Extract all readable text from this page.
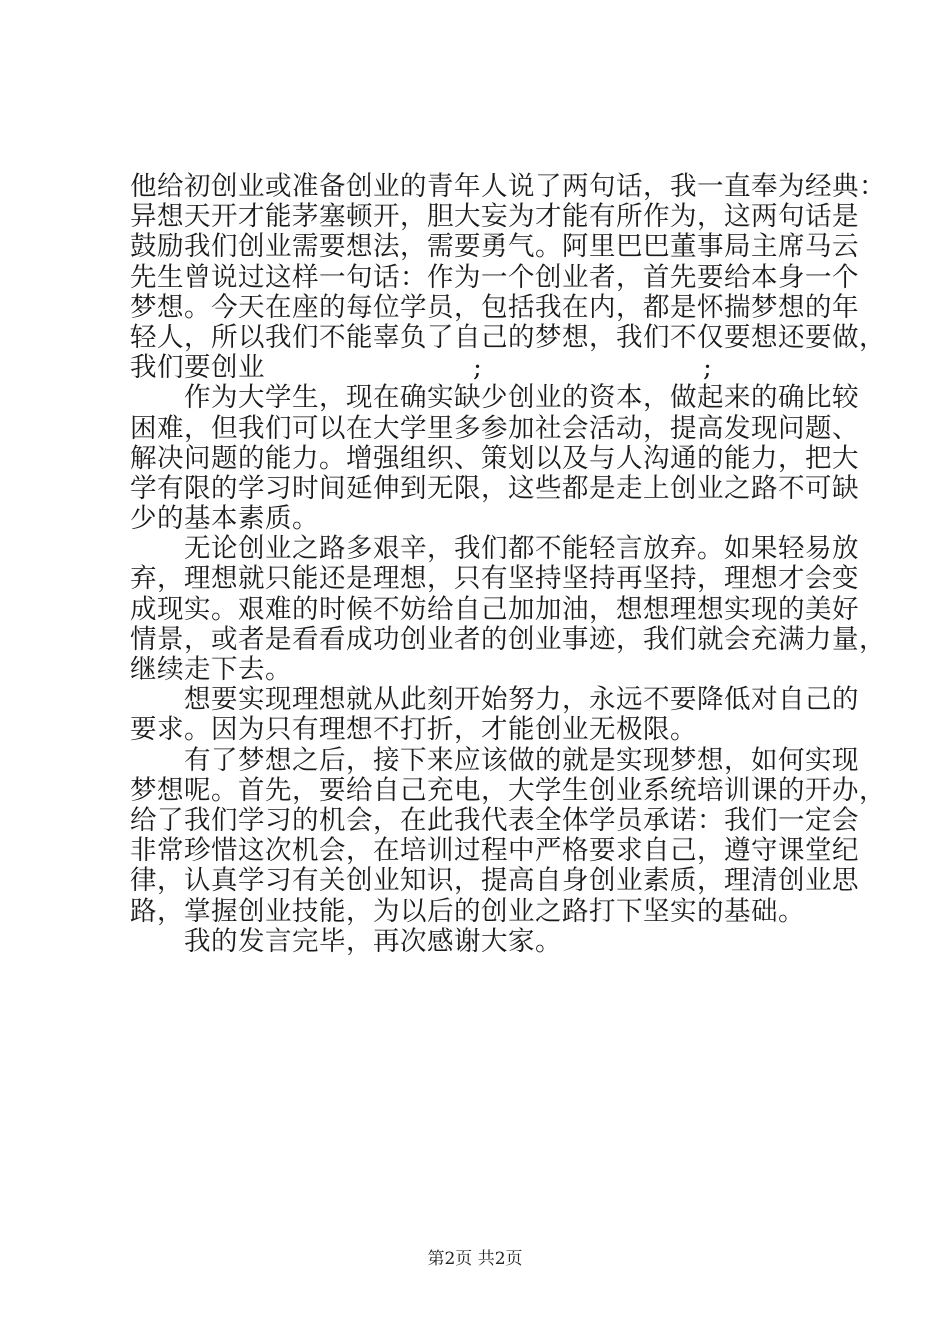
他给初创业或准备创业的青年人说了两句话，我一直奉为经典：
异想天开才能茅塞顿开，胆大妄为才能有所作为，这两句话是
鼓励我们创业需要想法，需要勇气。阿里巴巴董事局主席马云
先生曾说过这样一句话：作为一个创业者，首先要给本身一个
梦想。今天在座的每位学员，包括我在内，都是怀揣梦想的年
轻人，所以我们不能辜负了自己的梦想，我们不仅要想还要做，
我们要创业	;	;
作为大学生，现在确实缺少创业的资本，做起来的确比较
困难，但我们可以在大学里多参加社会活动，提高发现问题、
解决问题的能力。增强组织、策划以及与人沟通的能力，把大
学有限的学习时间延伸到无限，这些都是走上创业之路不可缺
少的基本素质。
无论创业之路多艰辛，我们都不能轻言放弃。如果轻易放
弃，理想就只能还是理想，只有坚持坚持再坚持，理想才会变
成现实。艰难的时候不妨给自己加加油，想想理想实现的美好
情景，或者是看看成功创业者的创业事迹，我们就会充满力量，
继续走下去。
想要实现理想就从此刻开始努力，永远不要降低对自己的
要求。因为只有理想不打折，才能创业无极限。
有了梦想之后，接下来应该做的就是实现梦想，如何实现
梦想呢。首先，要给自己充电，大学生创业系统培训课的开办，
给了我们学习的机会，在此我代表全体学员承诺：我们一定会
非常珍惜这次机会，在培训过程中严格要求自己，遵守课堂纪
律，认真学习有关创业知识，提高自身创业素质，理清创业思
路，掌握创业技能，为以后的创业之路打下坚实的基础。
我的发言完毕，再次感谢大家。
第2页 共2页
